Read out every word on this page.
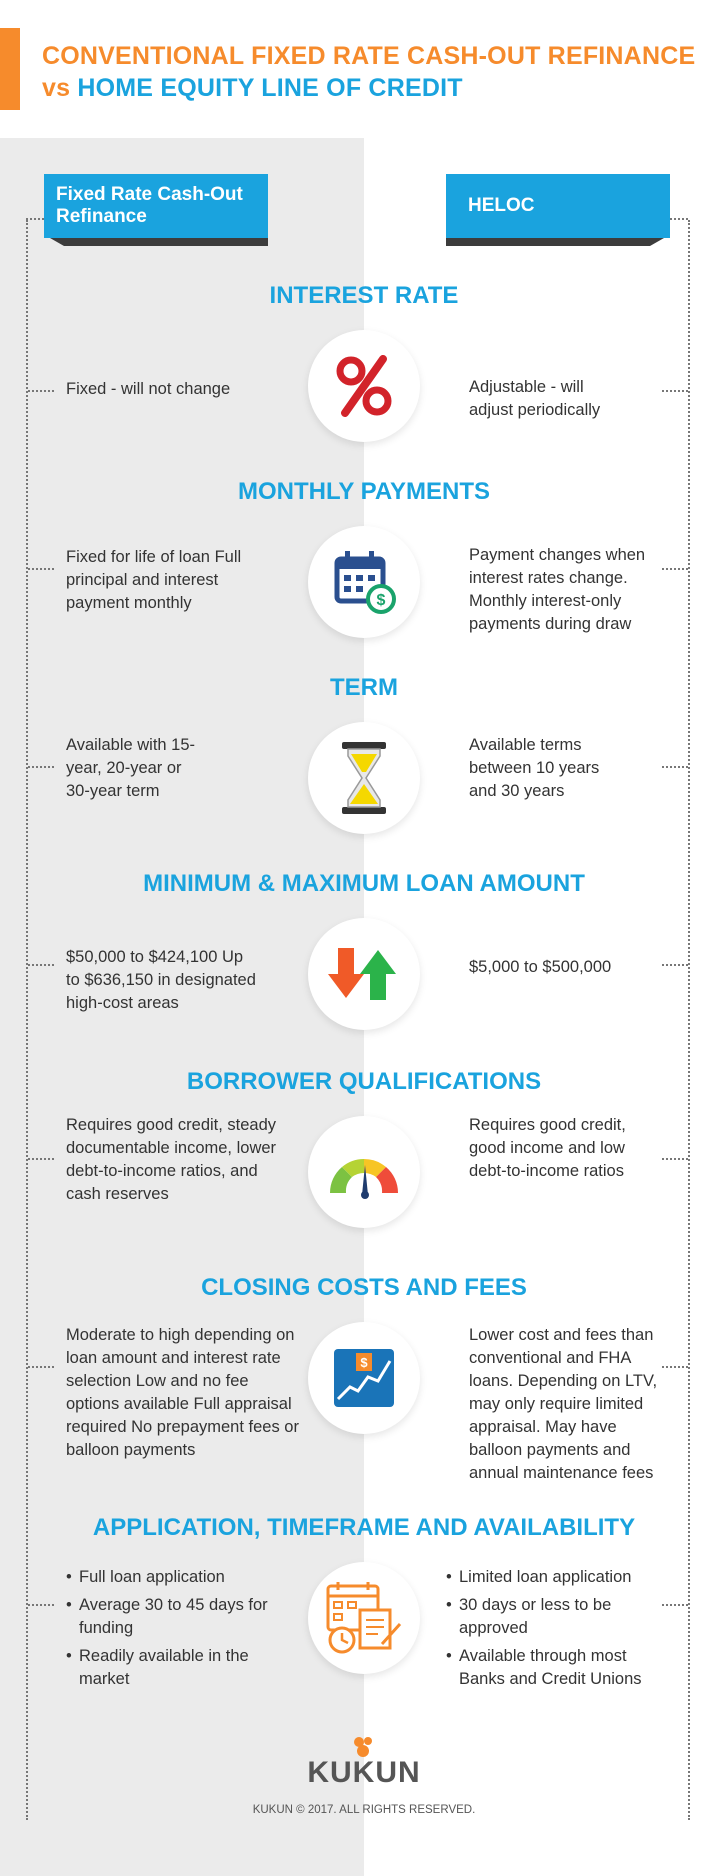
CONVENTIONAL FIXED RATE CASH-OUT REFINANCE
vs HOME EQUITY LINE OF CREDIT
Fixed Rate Cash-Out Refinance
HELOC
INTEREST RATE
Fixed - will not change	Adjustable - will adjust periodically
MONTHLY PAYMENTS
$
Fixed for life of loan Full principal and interest payment monthly
Payment changes when interest rates change. Monthly interest-only payments during draw
TERM
Available with 15-year, 20-year or 30-year term
Available terms between 10 years and 30 years
MINIMUM & MAXIMUM LOAN AMOUNT
$50,000 to $424,100 Up to $636,150 in designated high-cost areas
$5,000 to $500,000
BORROWER QUALIFICATIONS
Requires good credit, steady documentable income, lower debt-to-income ratios, and cash reserves
Requires good credit, good income and low debt-to-income ratios
CLOSING COSTS AND FEES
$
Moderate to high depending on loan amount and interest rate selection Low and no fee options available Full appraisal required No prepayment fees or balloon payments
Lower cost and fees than conventional and FHA loans. Depending on LTV, may only require limited appraisal. May have balloon payments and annual maintenance fees
APPLICATION, TIMEFRAME AND AVAILABILITY
• Full loan application
• Average 30 to 45 days for funding
• Readily available in the market
• Limited loan application
• 30 days or less to be approved
• Available through most Banks and Credit Unions
KUKUN
KUKUN © 2017. ALL RIGHTS RESERVED.
